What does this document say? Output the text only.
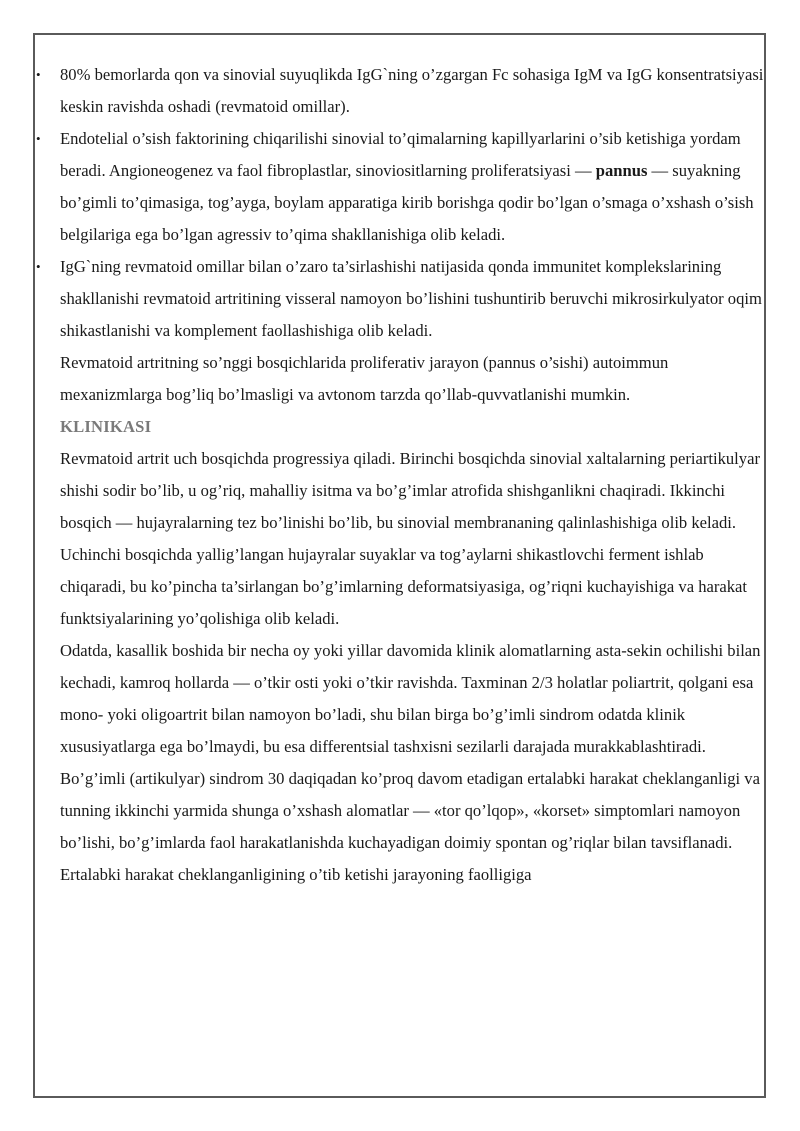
• 80% bemorlarda qon va sinovial suyuqlikda IgG`ning o’zgargan Fc sohasiga IgM va IgG konsentratsiyasi keskin ravishda oshadi (revmatoid omillar).

• Endotelial o’sish faktorining chiqarilishi sinovial to’qimalarning kapillyarlarini o’sib ketishiga yordam beradi. Angioneogenez va faol fibroplastlar, sinoviositlarning proliferatsiyasi — pannus — suyakning bo’gimli to’qimasiga, tog’ayga, boylam apparatiga kirib borishga qodir bo’lgan o’smaga o’xshash o’sish belgilariga ega bo’lgan agressiv to’qima shakllanishiga olib keladi.

• IgG`ning revmatoid omillar bilan o’zaro ta’sirlashishi natijasida qonda immunitet komplekslarining shakllanishi revmatoid artritining visseral namoyon bo’lishini tushuntirib beruvchi mikrosirkulyator oqim shikastlanishi va komplement faollashishiga olib keladi.

Revmatoid artritning so’nggi bosqichlarida proliferativ jarayon (pannus o’sishi) autoimmun mexanizmlarga bog’liq bo’lmasligi va avtonom tarzda qo’llab-quvvatlanishi mumkin.

KLINIKASI

Revmatoid artrit uch bosqichda progressiya qiladi. Birinchi bosqichda sinovial xaltalarning periartikulyar shishi sodir bo’lib, u og’riq, mahalliy isitma va bo’g’imlar atrofida shishganlikni chaqiradi. Ikkinchi bosqich — hujayralarning tez bo’linishi bo’lib, bu sinovial membrananing qalinlashishiga olib keladi. Uchinchi bosqichda yallig’langan hujayralar suyaklar va tog’aylarni shikastlovchi ferment ishlab chiqaradi, bu ko’pincha ta’sirlangan bo’g’imlarning deformatsiyasiga, og’riqni kuchayishiga va harakat funktsiyalarining yo’qolishiga olib keladi.

Odatda, kasallik boshida bir necha oy yoki yillar davomida klinik alomatlarning asta-sekin ochilishi bilan kechadi, kamroq hollarda — o’tkir osti yoki o’tkir ravishda. Taxminan 2/3 holatlar poliartrit, qolgani esa mono- yoki oligoartrit bilan namoyon bo’ladi, shu bilan birga bo’g’imli sindrom odatda klinik xususiyatlarga ega bo’lmaydi, bu esa differentsial tashxisni sezilarli darajada murakkablashtiradi. Bo’g’imli (artikulyar) sindrom 30 daqiqadan ko’proq davom etadigan ertalabki harakat cheklanganligi va tunning ikkinchi yarmida shunga o’xshash alomatlar — «tor qo’lqop», «korset» simptomlari namoyon bo’lishi, bo’g’imlarda faol harakatlanishda kuchayadigan doimiy spontan og’riqlar bilan tavsiflanadi. Ertalabki harakat cheklanganligining o’tib ketishi jarayoning faolligiga
